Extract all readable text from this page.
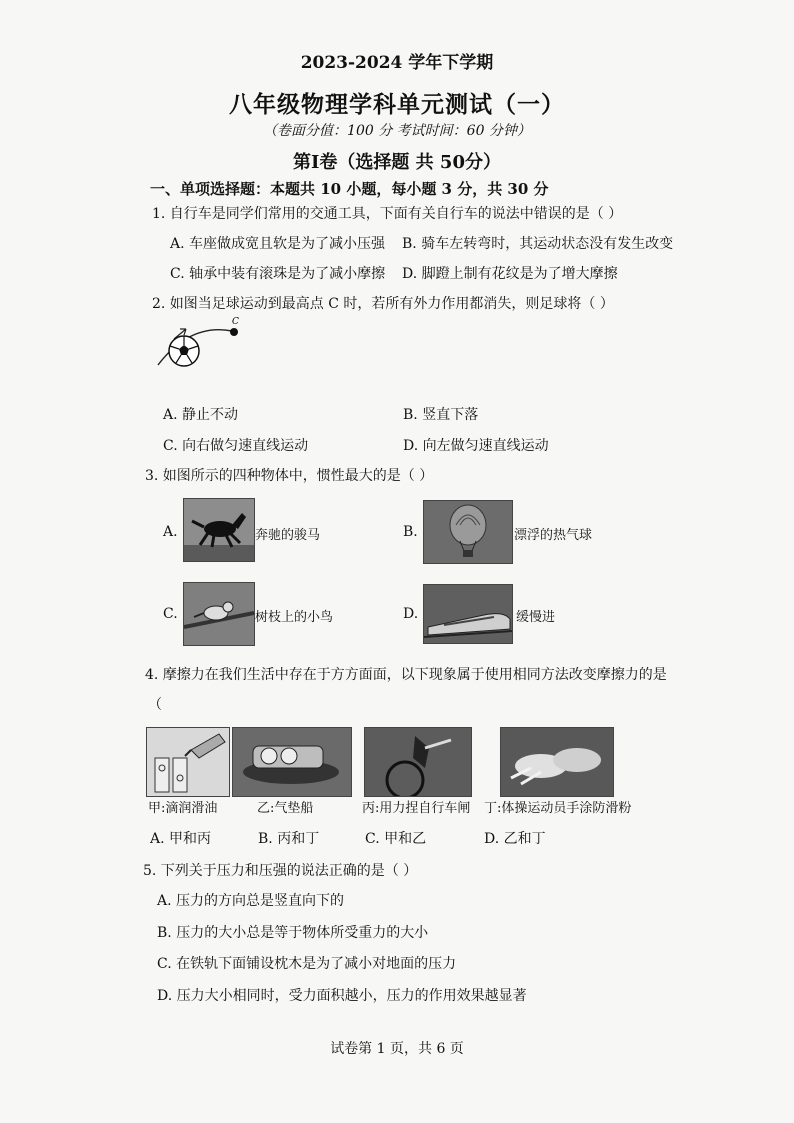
2023-2024 学年下学期
八年级物理学科单元测试（一）
（卷面分值：100 分 考试时间：60 分钟）
第Ⅰ卷（选择题 共 50分）
一、单项选择题：本题共 10 小题，每小题 3 分，共 30 分
1. 自行车是同学们常用的交通工具，下面有关自行车的说法中错误的是（ ）
A. 车座做成宽且软是为了减小压强 B. 骑车左转弯时，其运动状态没有发生改变
C. 轴承中装有滚珠是为了减小摩擦 D. 脚蹬上制有花纹是为了增大摩擦
2. 如图当足球运动到最高点 C 时，若所有外力作用都消失，则足球将（ ）
C
A. 静止不动	B. 竖直下落
C. 向右做匀速直线运动	D. 向左做匀速直线运动
3. 如图所示的四种物体中，惯性最大的是（ ）
A.	奔驰的骏马	B.	漂浮的热气球
C.	树枝上的小鸟	D.	缓慢进
4. 摩擦力在我们生活中存在于方方面面，以下现象属于使用相同方法改变摩擦力的是
（
甲:滴润滑油	乙:气垫船	丙:用力捏自行车闸 丁:体操运动员手涂防滑粉
A. 甲和丙	B. 丙和丁	C. 甲和乙	D. 乙和丁
5. 下列关于压力和压强的说法正确的是（ ）
A. 压力的方向总是竖直向下的
B. 压力的大小总是等于物体所受重力的大小
C. 在铁轨下面铺设枕木是为了减小对地面的压力
D. 压力大小相同时，受力面积越小，压力的作用效果越显著
试卷第 1 页，共 6 页
